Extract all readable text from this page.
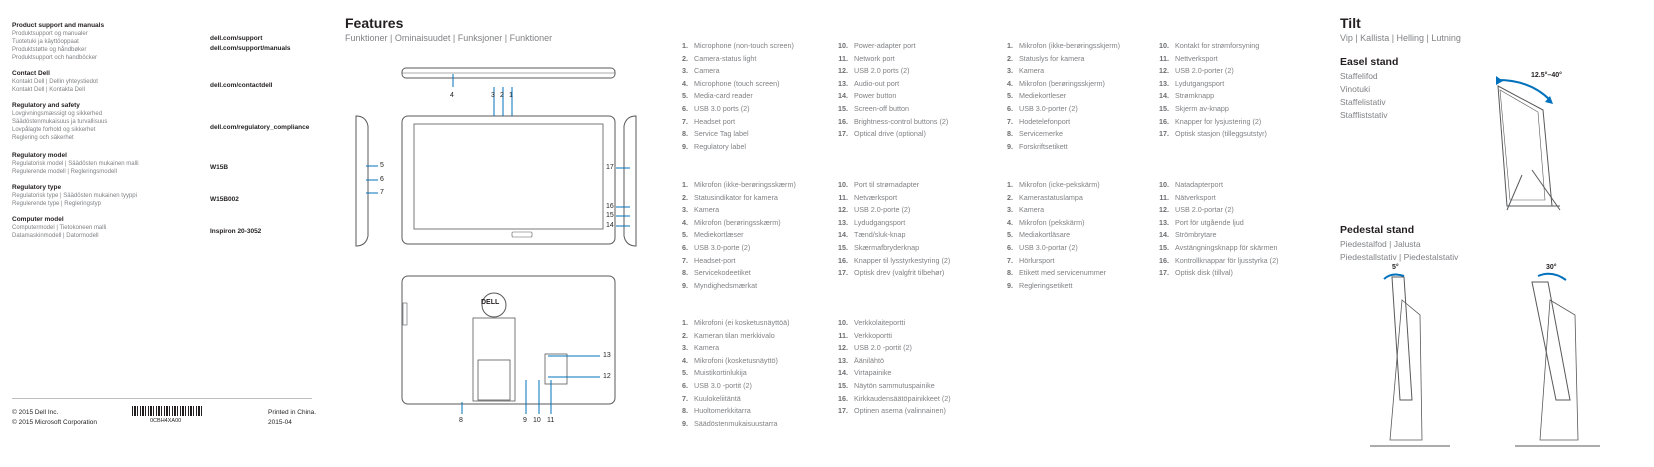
Product support and manuals
Produktsupport og manualer
Tuotetuki ja käyttöoppaat
Produktstøtte og håndbøker
Produktsupport och handböcker
dell.com/support
dell.com/support/manuals
Contact Dell
Kontakt Dell | Dellin yhteystiedot
Kontakt Dell | Kontakta Dell
dell.com/contactdell
Regulatory and safety
Lovgivningsmæssigt og sikkerhed
Säädöstenmukaisuus ja turvallisuus
Lovpålagte forhold og sikkerhet
Reglering och säkerhet
dell.com/regulatory_compliance
Regulatory model
Regulatorisk model | Säädösten mukainen malli
Regulerende modell | Regleringsmodell
W15B
Regulatory type
Regulatorisk type | Säädösten mukainen tyyppi
Regulerende type | Regleringstyp
W15B002
Computer model
Computermodel | Tietokoneen malli
Datamaskinmodell | Datormodell
Inspiron 20-3052
© 2015 Dell Inc.
© 2015 Microsoft Corporation	0CBH4XA00
Printed in China.
2015-04
Features
Funktioner | Ominaisuudet | Funksjoner | Funktioner
DELL
4	3 2 1
5
6
7
17
16
15
14
13
12
8	9 10 11
1. Microphone (non-touch screen)
2. Camera-status light
3. Camera
4. Microphone (touch screen)
5. Media-card reader
6. USB 3.0 ports (2)
7. Headset port
8. Service Tag label
9. Regulatory label
10. Power-adapter port
11. Network port
12. USB 2.0 ports (2)
13. Audio-out port
14. Power button
15. Screen-off button
16. Brightness-control buttons (2)
17. Optical drive (optional)
1. Mikrofon (ikke-berøringsskærm)
2. Statusindikator for kamera
3. Kamera
4. Mikrofon (berøringsskærm)
5. Mediekortlæser
6. USB 3.0-porte (2)
7. Headset-port
8. Servicekodeetiket
9. Myndighedsmærkat
10. Port til strømadapter
11. Netværksport
12. USB 2.0-porte (2)
13. Lydudgangsport
14. Tænd/sluk-knap
15. Skærmafbryderknap
16. Knapper til lysstyrkestyring (2)
17. Optisk drev (valgfrit tilbehør)
1. Mikrofoni (ei kosketusnäyttöä)
2. Kameran tilan merkkivalo
3. Kamera
4. Mikrofoni (kosketusnäyttö)
5. Muistikortinlukija
6. USB 3.0 -portit (2)
7. Kuulokeliitäntä
8. Huoltomerkkitarra
9. Säädöstenmukaisuustarra
10. Verkkolaiteportti
11. Verkkoportti
12. USB 2.0 -portit (2)
13. Äänilähtö
14. Virtapainike
15. Näytön sammutuspainike
16. Kirkkaudensäätöpainikkeet (2)
17. Optinen asema (valinnainen)
1. Mikrofon (ikke-berøringsskjerm)
2. Statuslys for kamera
3. Kamera
4. Mikrofon (berøringsskjerm)
5. Mediekortleser
6. USB 3.0-porter (2)
7. Hodetelefonport
8. Servicemerke
9. Forskriftsetikett
10. Kontakt for strømforsyning
11. Nettverksport
12. USB 2.0-porter (2)
13. Lydutgangsport
14. Strømknapp
15. Skjerm av-knapp
16. Knapper for lysjustering (2)
17. Optisk stasjon (tilleggsutstyr)
1. Mikrofon (icke-pekskärm)
2. Kamerastatuslampa
3. Kamera
4. Mikrofon (pekskärm)
5. Mediakortläsare
6. USB 3.0-portar (2)
7. Hörlursport
8. Etikett med servicenummer
9. Regleringsetikett
10. Natadapterport
11. Nätverksport
12. USB 2.0-portar (2)
13. Port för utgående ljud
14. Strömbrytare
15. Avstängningsknapp för skärmen
16. Kontrollknappar för ljusstyrka (2)
17. Optisk disk (tillval)
Tilt
Vip | Kallista | Helling | Lutning
Easel stand
Staffelifod
Vinotuki
Staffelistativ
Staffliststativ
Pedestal stand
Piedestalfod | Jalusta
Piedestallstativ | Piedestalstativ
12.5°–40°
5°	30°
